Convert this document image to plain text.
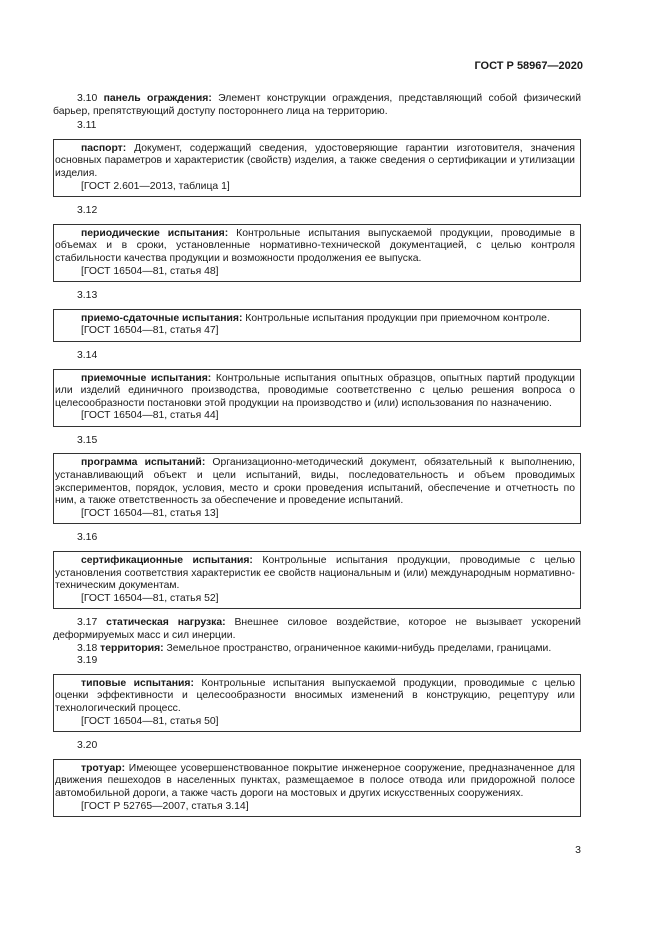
ГОСТ Р 58967—2020
3.10 панель ограждения: Элемент конструкции ограждения, представляющий собой физический барьер, препятствующий доступу постороннего лица на территорию.
3.11
паспорт: Документ, содержащий сведения, удостоверяющие гарантии изготовителя, значения основных параметров и характеристик (свойств) изделия, а также сведения о сертификации и утилизации изделия.
[ГОСТ 2.601—2013, таблица 1]
3.12
периодические испытания: Контрольные испытания выпускаемой продукции, проводимые в объемах и в сроки, установленные нормативно-технической документацией, с целью контроля стабильности качества продукции и возможности продолжения ее выпуска.
[ГОСТ 16504—81, статья 48]
3.13
приемо-сдаточные испытания: Контрольные испытания продукции при приемочном контроле.
[ГОСТ 16504—81, статья 47]
3.14
приемочные испытания: Контрольные испытания опытных образцов, опытных партий продукции или изделий единичного производства, проводимые соответственно с целью решения вопроса о целесообразности постановки этой продукции на производство и (или) использования по назначению.
[ГОСТ 16504—81, статья 44]
3.15
программа испытаний: Организационно-методический документ, обязательный к выполнению, устанавливающий объект и цели испытаний, виды, последовательность и объем проводимых экспериментов, порядок, условия, место и сроки проведения испытаний, обеспечение и отчетность по ним, а также ответственность за обеспечение и проведение испытаний.
[ГОСТ 16504—81, статья 13]
3.16
сертификационные испытания: Контрольные испытания продукции, проводимые с целью установления соответствия характеристик ее свойств национальным и (или) международным нормативно-техническим документам.
[ГОСТ 16504—81, статья 52]
3.17 статическая нагрузка: Внешнее силовое воздействие, которое не вызывает ускорений деформируемых масс и сил инерции.
3.18 территория: Земельное пространство, ограниченное какими-нибудь пределами, границами.
3.19
типовые испытания: Контрольные испытания выпускаемой продукции, проводимые с целью оценки эффективности и целесообразности вносимых изменений в конструкцию, рецептуру или технологический процесс.
[ГОСТ 16504—81, статья 50]
3.20
тротуар: Имеющее усовершенствованное покрытие инженерное сооружение, предназначенное для движения пешеходов в населенных пунктах, размещаемое в полосе отвода или придорожной полосе автомобильной дороги, а также часть дороги на мостовых и других искусственных сооружениях.
[ГОСТ Р 52765—2007, статья 3.14]
3
